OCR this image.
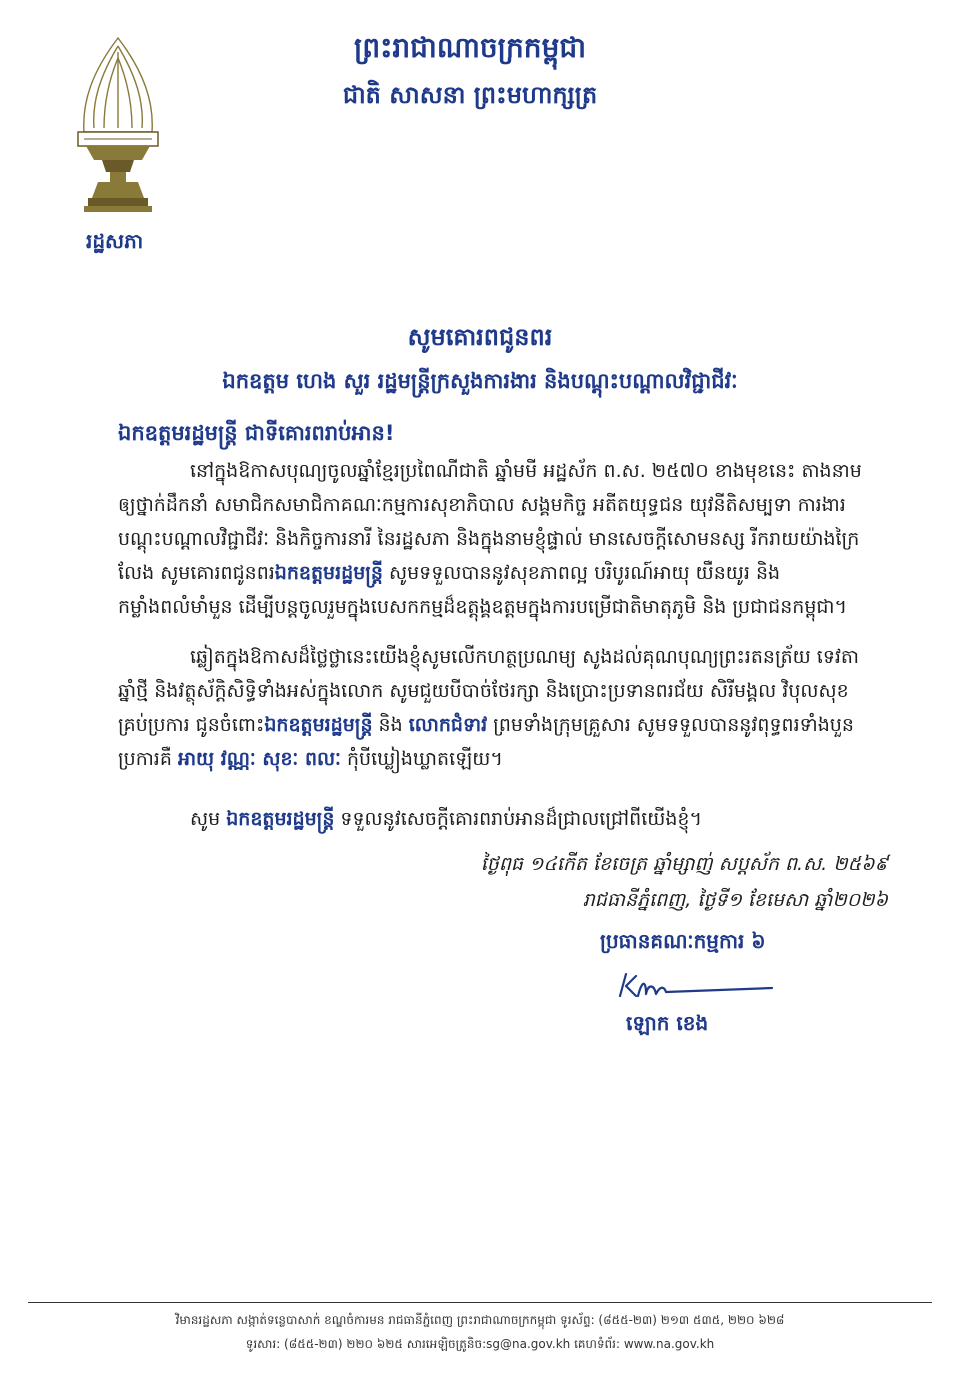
រដ្ឋសភា
ព្រះរាជាណាចក្រកម្ពុជា
ជាតិ សាសនា ព្រះមហាក្សត្រ
សូមគោរពជូនពរ
ឯកឧត្តម ហេង សួរ រដ្ឋមន្ត្រីក្រសួងការងារ និងបណ្តុះបណ្តាលវិជ្ជាជីវៈ
ឯកឧត្តមរដ្ឋមន្ត្រី ជាទីគោរពរាប់អាន!

នៅក្នុងឱកាសបុណ្យចូលឆ្នាំខ្មែរប្រពៃណីជាតិ ឆ្នាំមមី អដ្ឋស័ក ព.ស. ២៥៧០ ខាងមុខនេះ តាងនាមឲ្យថ្នាក់ដឹកនាំ សមាជិកសមាជិកាគណៈកម្មការសុខាភិបាល សង្គមកិច្ច អតីតយុទ្ធជន យុវនីតិសម្បទា ការងារ បណ្តុះបណ្តាលវិជ្ជាជីវៈ និងកិច្ចការនារី នៃរដ្ឋសភា និងក្នុងនាមខ្ញុំផ្ទាល់ មានសេចក្តីសោមនស្ស រីករាយយ៉ាងក្រៃលែង សូមគោរពជូនពរឯកឧត្តមរដ្ឋមន្ត្រី សូមទទួលបាននូវសុខភាពល្អ បរិបូរណ៍អាយុ យឺនយូរ និងកម្លាំងពលំមាំមួន ដើម្បីបន្តចូលរួមក្នុងបេសកកម្មដ៏ឧត្តុង្គឧត្តមក្នុងការបម្រើជាតិមាតុភូមិ និង ប្រជាជនកម្ពុជា។

ឆ្លៀតក្នុងឱកាសដ៏ថ្លៃថ្លានេះយើងខ្ញុំសូមលើកហត្ថប្រណម្យ សូងដល់គុណបុណ្យព្រះរតនត្រ័យ ទេវតាឆ្នាំថ្មី និងវត្ថុស័ក្តិសិទ្ធិទាំងអស់ក្នុងលោក សូមជួយបីបាច់ថែរក្សា និងប្រោះប្រទានពរជ័យ សិរីមង្គល វិបុលសុខគ្រប់ប្រការ ជូនចំពោះឯកឧត្តមរដ្ឋមន្ត្រី និង លោកជំទាវ ព្រមទាំងក្រុមគ្រួសារ សូមទទួលបាននូវពុទ្ធពរទាំងបួនប្រការគឺ អាយុ វណ្ណៈ សុខៈ ពលៈ កុំបីឃ្លៀងឃ្លាតឡើយ។

សូម ឯកឧត្តមរដ្ឋមន្ត្រី ទទួលនូវសេចក្តីគោរពរាប់អានដ៏ជ្រាលជ្រៅពីយើងខ្ញុំ។

ថ្ងៃពុធ ១៤កើត ខែចេត្រ ឆ្នាំម្សាញ់ សប្តស័ក ព.ស. ២៥៦៩
រាជធានីភ្នំពេញ, ថ្ងៃទី១ ខែមេសា ឆ្នាំ២០២៦
ប្រធានគណៈកម្មការ ៦
ឡោក ខេង
វិមានរដ្ឋសភា សង្កាត់ទន្លេបាសាក់ ខណ្ឌចំការមន រាជធានីភ្នំពេញ ព្រះរាជាណាចក្រកម្ពុជា ទូរស័ព្ទ: (៨៥៥-២៣) ២១៣ ៥៣៥, ២២០ ៦២៨
ទូរសារ: (៨៥៥-២៣) ២២០ ៦២៥ សារអេឡិចត្រូនិច:sg@na.gov.kh គេហទំព័រ: www.na.gov.kh
